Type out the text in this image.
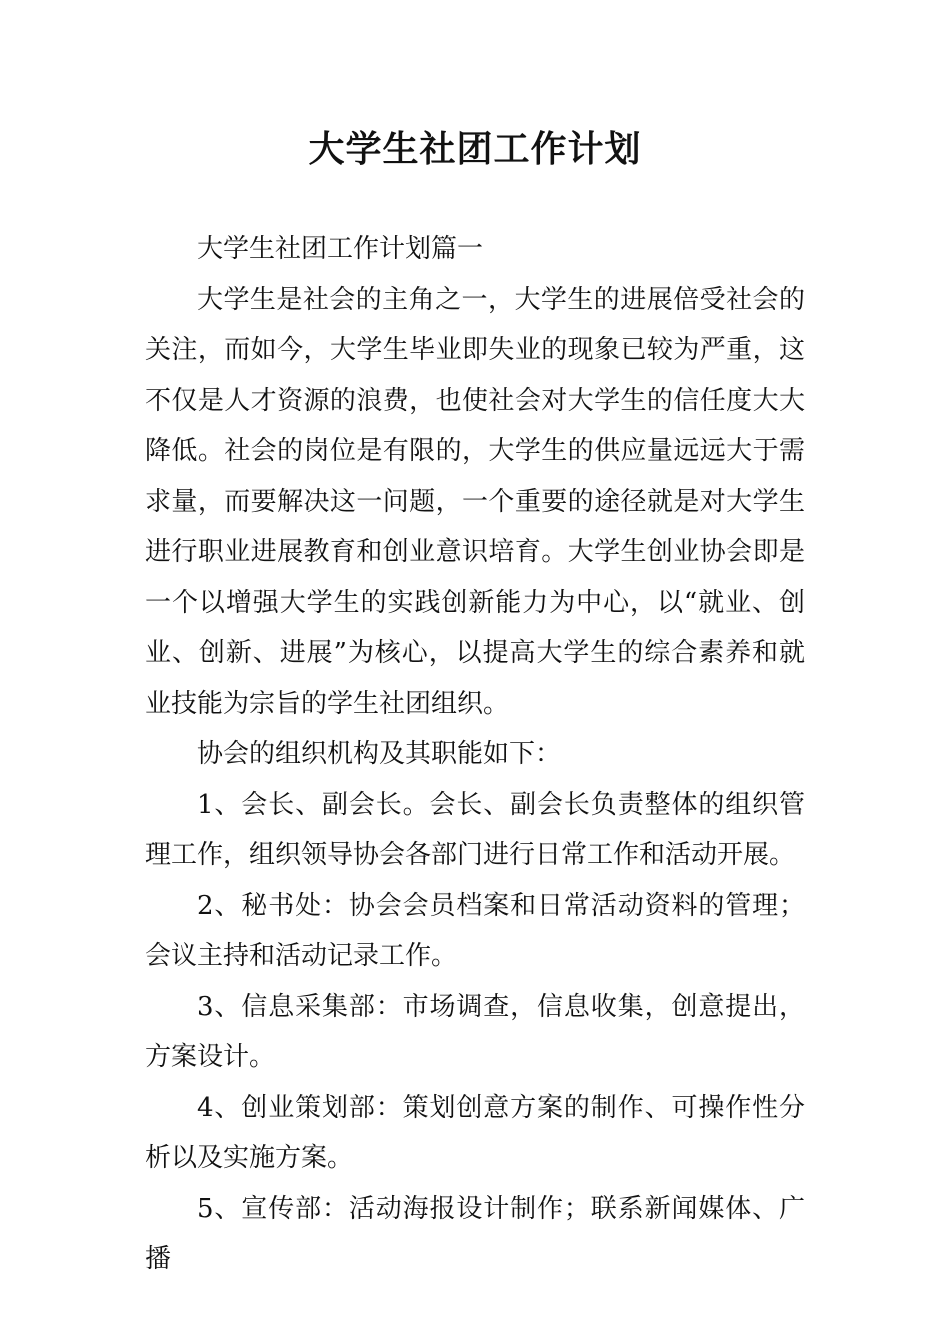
大学生社团工作计划

大学生社团工作计划篇一

大学生是社会的主角之一，大学生的进展倍受社会的关注，而如今，大学生毕业即失业的现象已较为严重，这不仅是人才资源的浪费，也使社会对大学生的信任度大大降低。社会的岗位是有限的，大学生的供应量远远大于需求量，而要解决这一问题，一个重要的途径就是对大学生进行职业进展教育和创业意识培育。大学生创业协会即是一个以增强大学生的实践创新能力为中心，以“就业、创业、创新、进展”为核心，以提高大学生的综合素养和就业技能为宗旨的学生社团组织。

协会的组织机构及其职能如下：

1、会长、副会长。会长、副会长负责整体的组织管理工作，组织领导协会各部门进行日常工作和活动开展。

2、秘书处：协会会员档案和日常活动资料的管理；会议主持和活动记录工作。

3、信息采集部：市场调查，信息收集，创意提出，方案设计。

4、创业策划部：策划创意方案的制作、可操作性分析以及实施方案。

5、宣传部：活动海报设计制作；联系新闻媒体、广播
